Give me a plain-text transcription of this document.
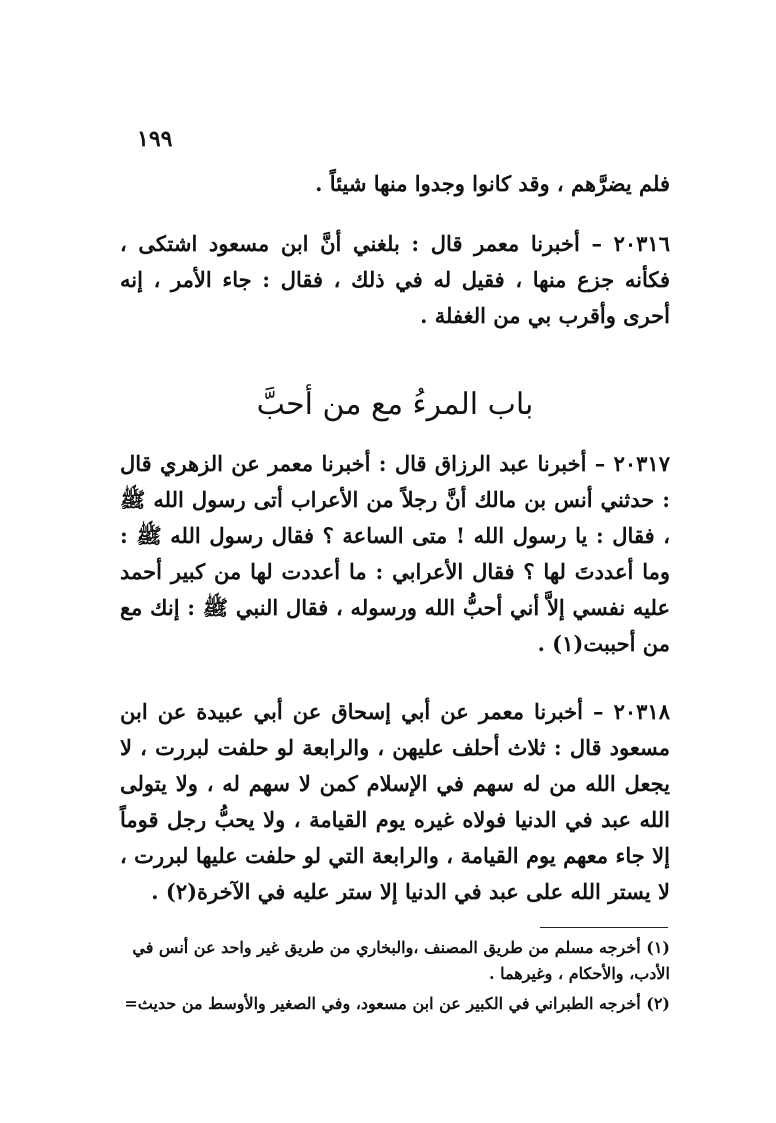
١٩٩

فلم يضرَّهم ، وقد كانوا وجدوا منها شيئاً .

٢٠٣١٦ – أخبرنا معمر قال : بلغني أنَّ ابن مسعود اشتكى ، فكأنه جزع منها ، فقيل له في ذلك ، فقال : جاء الأمر ، إنه أحرى وأقرب بي من الغفلة .

باب المرءُ مع من أحبَّ

٢٠٣١٧ – أخبرنا عبد الرزاق قال : أخبرنا معمر عن الزهري قال : حدثني أنس بن مالك أنَّ رجلاً من الأعراب أتى رسول الله ﷺ ، فقال : يا رسول الله ! متى الساعة ؟ فقال رسول الله ﷺ : وما أعددتَ لها ؟ فقال الأعرابي : ما أعددت لها من كبير أحمد عليه نفسي إلاَّ أني أحبُّ الله ورسوله ، فقال النبي ﷺ : إنك مع من أحببت(١) .

٢٠٣١٨ – أخبرنا معمر عن أبي إسحاق عن أبي عبيدة عن ابن مسعود قال : ثلاث أحلف عليهن ، والرابعة لو حلفت لبررت ، لا يجعل الله من له سهم في الإسلام كمن لا سهم له ، ولا يتولى الله عبد في الدنيا فولاه غيره يوم القيامة ، ولا يحبُّ رجل قوماً إلا جاء معهم يوم القيامة ، والرابعة التي لو حلفت عليها لبررت ، لا يستر الله على عبد في الدنيا إلا ستر عليه في الآخرة(٢) .

(١) أخرجه مسلم من طريق المصنف ،والبخاري من طريق غير واحد عن أنس في الأدب، والأحكام ، وغيرهما .

(٢) أخرجه الطبراني في الكبير عن ابن مسعود، وفي الصغير والأوسط من حديث=
